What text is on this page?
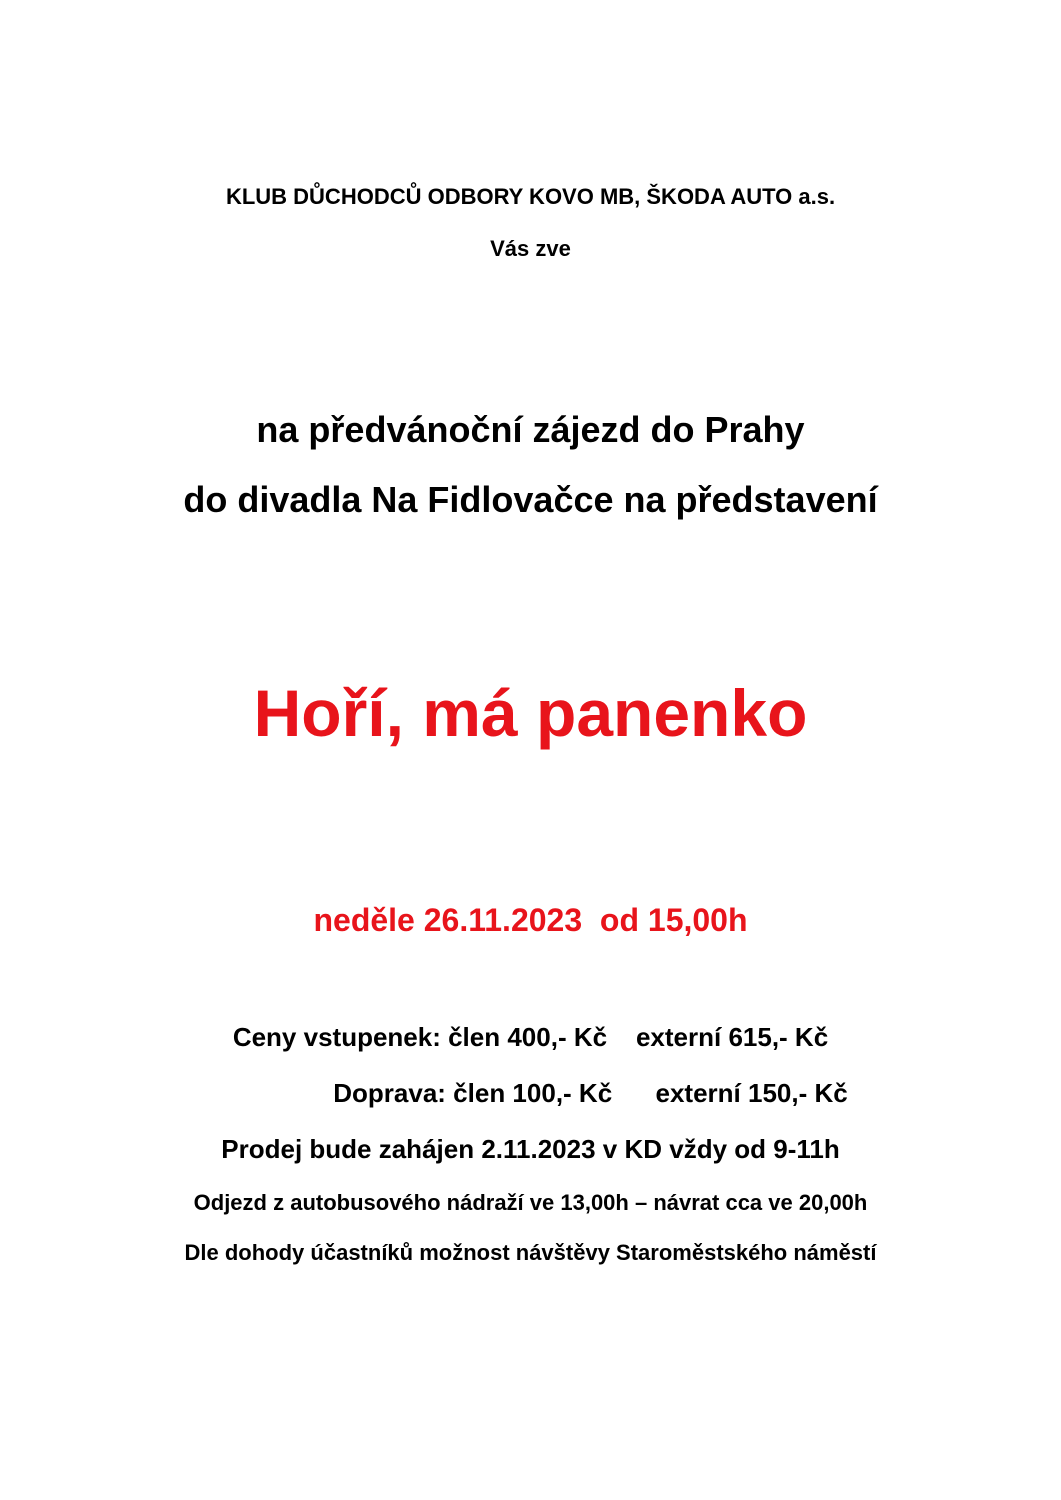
KLUB DŮCHODCŮ ODBORY KOVO MB, ŠKODA AUTO a.s.
Vás zve
na předvánoční zájezd do Prahy
do divadla Na Fidlovačce na představení
Hoří, má panenko
neděle 26.11.2023  od 15,00h
Ceny vstupenek: člen 400,- Kč    externí 615,- Kč
Doprava: člen 100,- Kč      externí 150,- Kč
Prodej bude zahájen 2.11.2023 v KD vždy od 9-11h
Odjezd z autobusového nádraží ve 13,00h – návrat cca ve 20,00h
Dle dohody účastníků možnost návštěvy Staroměstského náměstí
